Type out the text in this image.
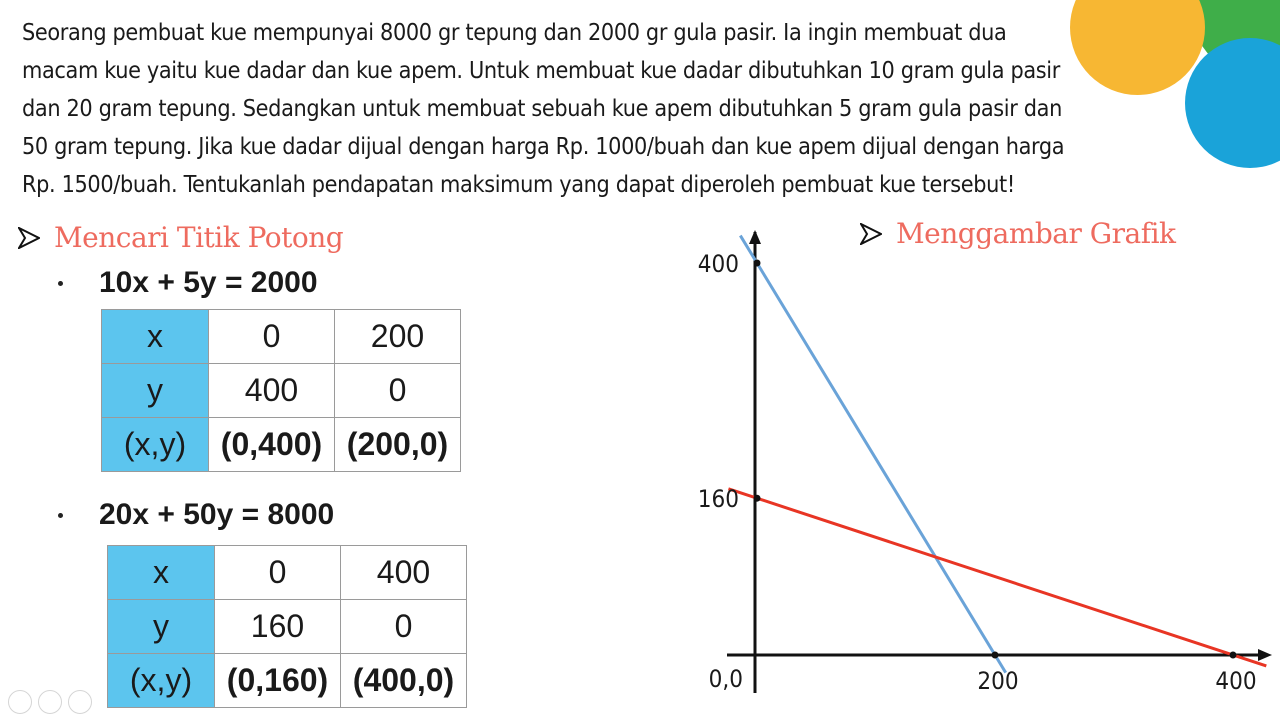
Seorang pembuat kue mempunyai 8000 gr tepung dan 2000 gr gula pasir. Ia ingin membuat dua
macam kue yaitu kue dadar dan kue apem. Untuk membuat kue dadar dibutuhkan 10 gram gula pasir
dan 20 gram tepung. Sedangkan untuk membuat sebuah kue apem dibutuhkan 5 gram gula pasir dan
50 gram tepung. Jika kue dadar dijual dengan harga Rp. 1000/buah dan kue apem dijual dengan harga
Rp. 1500/buah. Tentukanlah pendapatan maksimum yang dapat diperoleh pembuat kue tersebut!
Mencari Titik Potong	Menggambar Grafik
10x + 5y = 2000
x	0	200
y	400	0
(x,y)	(0,400)	(200,0)
20x + 50y = 8000
x	0	400
y	160	0
(x,y)	(0,160)	(400,0)
400
160
200	400
0,0
